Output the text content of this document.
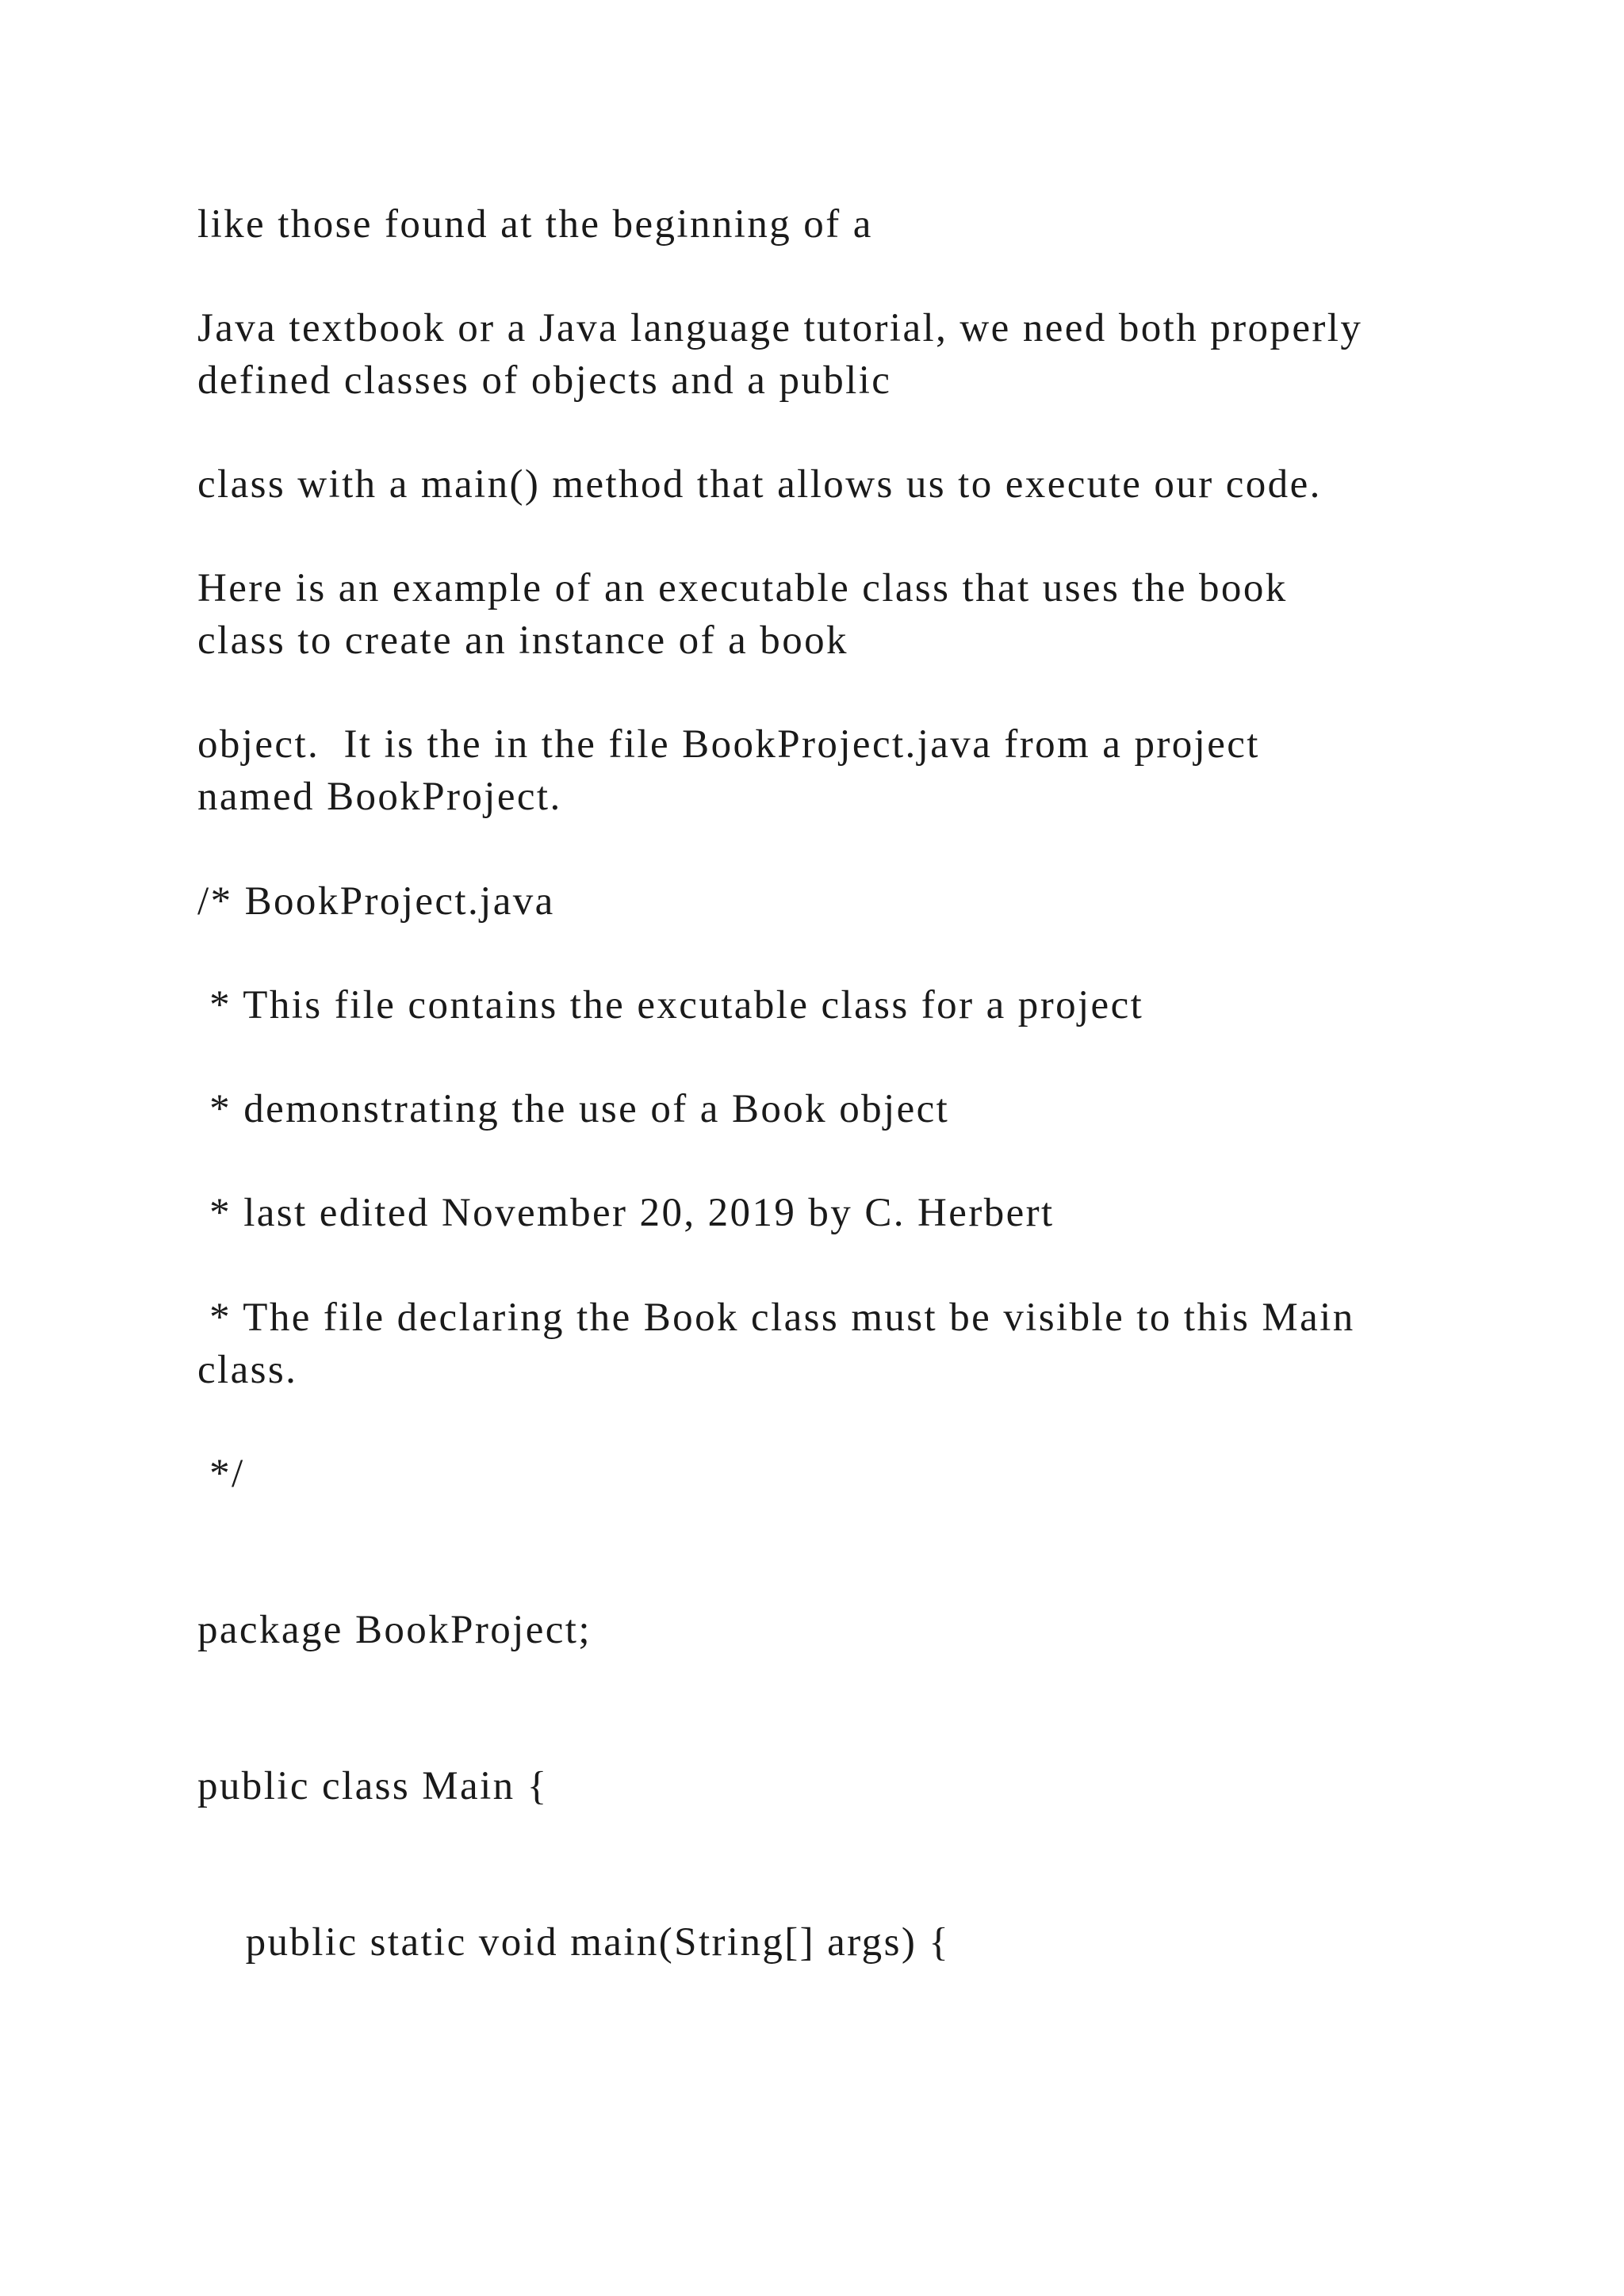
like those found at the beginning of a

Java textbook or a Java language tutorial, we need both properly

defined classes of objects and a public

class with a main() method that allows us to execute our code.

Here is an example of an executable class that uses the book

class to create an instance of a book

object.  It is the in the file BookProject.java from a project

named BookProject.

/* BookProject.java

* This file contains the excutable class for a project

* demonstrating the use of a Book object

* last edited November 20, 2019 by C. Herbert

* The file declaring the Book class must be visible to this Main

class.

*/

package BookProject;

public class Main {

public static void main(String[] args) {
